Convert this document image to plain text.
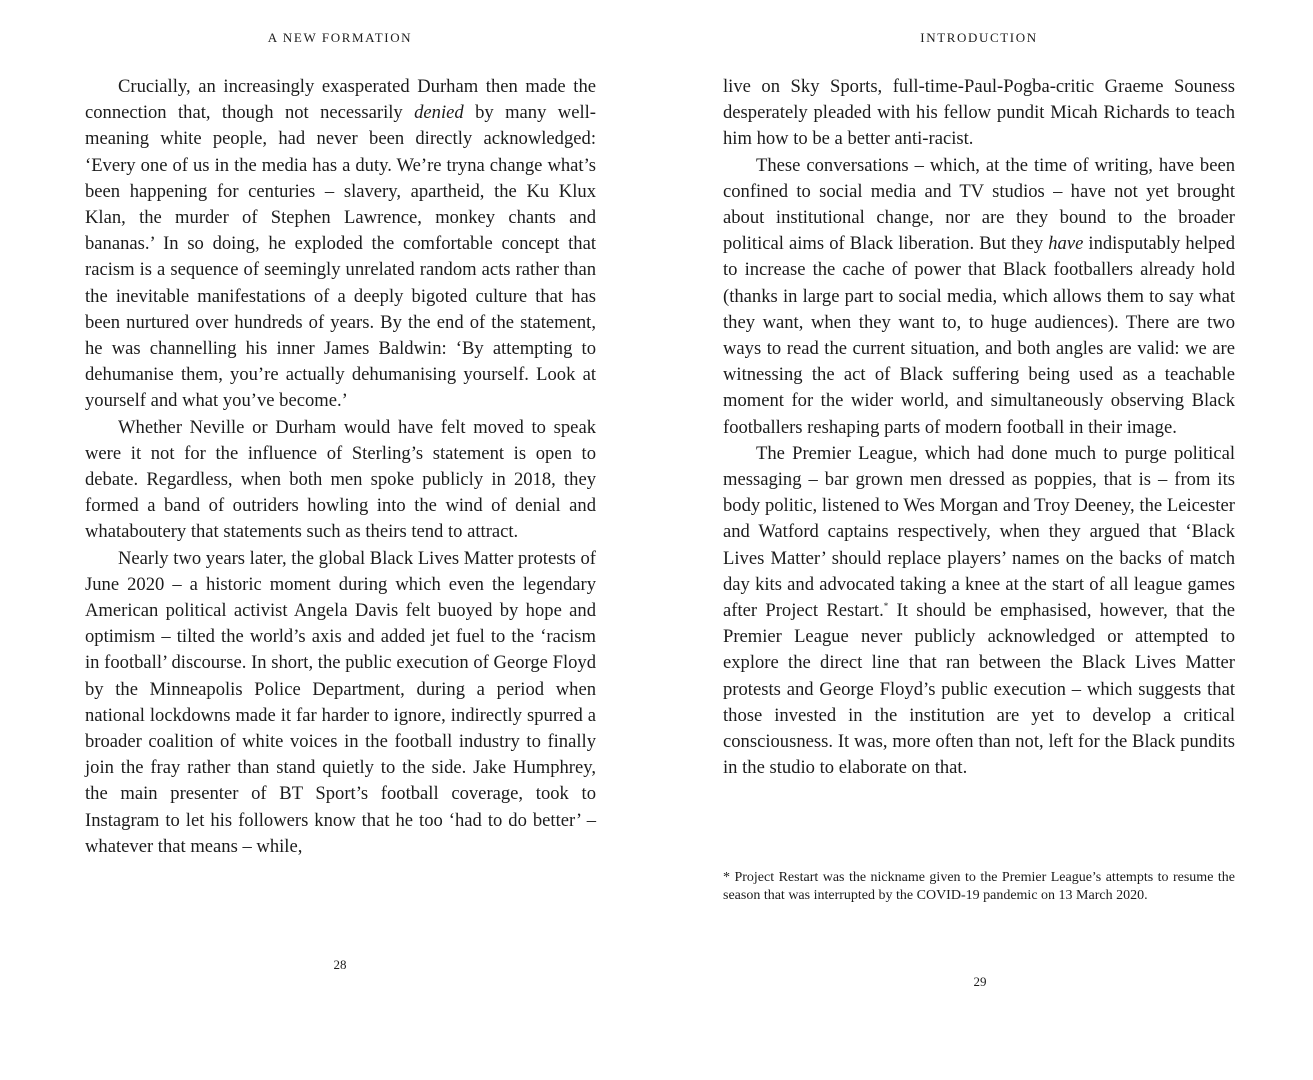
A NEW FORMATION

Crucially, an increasingly exasperated Durham then made the connection that, though not necessarily denied by many well-meaning white people, had never been directly acknowledged: ‘Every one of us in the media has a duty. We’re tryna change what’s been happening for centuries – slavery, apartheid, the Ku Klux Klan, the murder of Stephen Lawrence, monkey chants and bananas.’ In so doing, he exploded the comfortable concept that racism is a sequence of seemingly unrelated random acts rather than the inevitable manifestations of a deeply bigoted culture that has been nurtured over hundreds of years. By the end of the statement, he was channelling his inner James Baldwin: ‘By attempting to dehumanise them, you’re actually dehumanising yourself. Look at yourself and what you’ve become.’

Whether Neville or Durham would have felt moved to speak were it not for the influence of Sterling’s statement is open to debate. Regardless, when both men spoke publicly in 2018, they formed a band of outriders howling into the wind of denial and whataboutery that statements such as theirs tend to attract.

Nearly two years later, the global Black Lives Matter protests of June 2020 – a historic moment during which even the legendary American political activist Angela Davis felt buoyed by hope and optimism – tilted the world’s axis and added jet fuel to the ‘racism in football’ discourse. In short, the public execution of George Floyd by the Minneapolis Police Department, during a period when national lockdowns made it far harder to ignore, indirectly spurred a broader coalition of white voices in the football industry to finally join the fray rather than stand quietly to the side. Jake Humphrey, the main presenter of BT Sport’s football coverage, took to Instagram to let his followers know that he too ‘had to do better’ – whatever that means – while,

28
INTRODUCTION

live on Sky Sports, full-time-Paul-Pogba-critic Graeme Souness desperately pleaded with his fellow pundit Micah Richards to teach him how to be a better anti-racist.

These conversations – which, at the time of writing, have been confined to social media and TV studios – have not yet brought about institutional change, nor are they bound to the broader political aims of Black liberation. But they have indisputably helped to increase the cache of power that Black footballers already hold (thanks in large part to social media, which allows them to say what they want, when they want to, to huge audiences). There are two ways to read the current situation, and both angles are valid: we are witnessing the act of Black suffering being used as a teachable moment for the wider world, and simultaneously observing Black footballers reshaping parts of modern football in their image.

The Premier League, which had done much to purge political messaging – bar grown men dressed as poppies, that is – from its body politic, listened to Wes Morgan and Troy Deeney, the Leicester and Watford captains respectively, when they argued that ‘Black Lives Matter’ should replace players’ names on the backs of match day kits and advocated taking a knee at the start of all league games after Project Restart.* It should be emphasised, however, that the Premier League never publicly acknowledged or attempted to explore the direct line that ran between the Black Lives Matter protests and George Floyd’s public execution – which suggests that those invested in the institution are yet to develop a critical consciousness. It was, more often than not, left for the Black pundits in the studio to elaborate on that.

* Project Restart was the nickname given to the Premier League’s attempts to resume the season that was interrupted by the COVID-19 pandemic on 13 March 2020.
29
